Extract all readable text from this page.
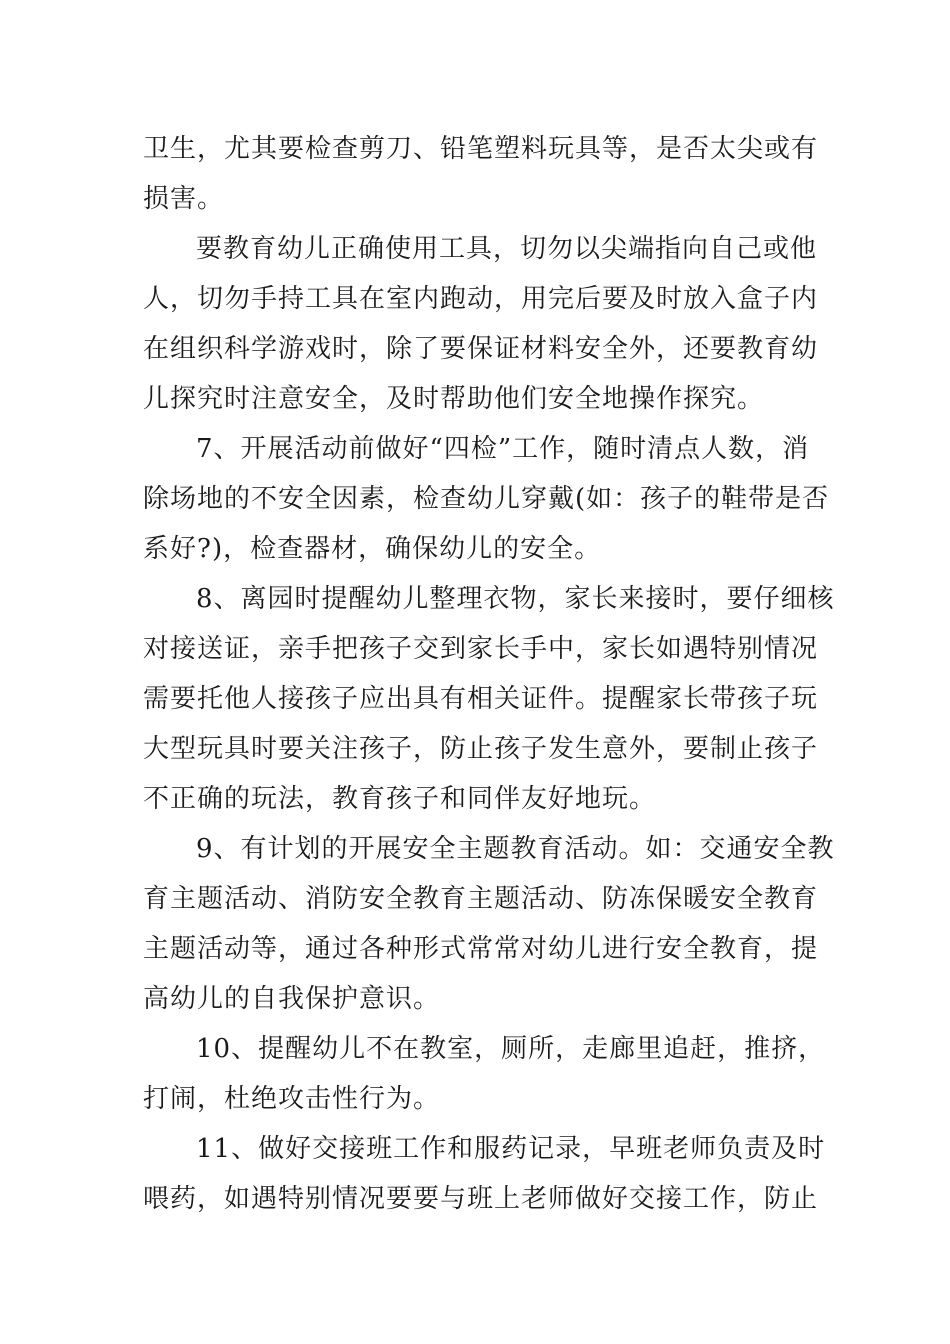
卫生，尤其要检查剪刀、铅笔塑料玩具等，是否太尖或有
损害。
要教育幼儿正确使用工具，切勿以尖端指向自己或他
人，切勿手持工具在室内跑动，用完后要及时放入盒子内
在组织科学游戏时，除了要保证材料安全外，还要教育幼
儿探究时注意安全，及时帮助他们安全地操作探究。
7、开展活动前做好“四检”工作，随时清点人数，消
除场地的不安全因素，检查幼儿穿戴(如：孩子的鞋带是否
系好?)，检查器材，确保幼儿的安全。
8、离园时提醒幼儿整理衣物，家长来接时，要仔细核
对接送证，亲手把孩子交到家长手中，家长如遇特别情况
需要托他人接孩子应出具有相关证件。提醒家长带孩子玩
大型玩具时要关注孩子，防止孩子发生意外，要制止孩子
不正确的玩法，教育孩子和同伴友好地玩。
9、有计划的开展安全主题教育活动。如：交通安全教
育主题活动、消防安全教育主题活动、防冻保暖安全教育
主题活动等，通过各种形式常常对幼儿进行安全教育，提
高幼儿的自我保护意识。
10、提醒幼儿不在教室，厕所，走廊里追赶，推挤，
打闹，杜绝攻击性行为。
11、做好交接班工作和服药记录，早班老师负责及时
喂药，如遇特别情况要要与班上老师做好交接工作，防止
